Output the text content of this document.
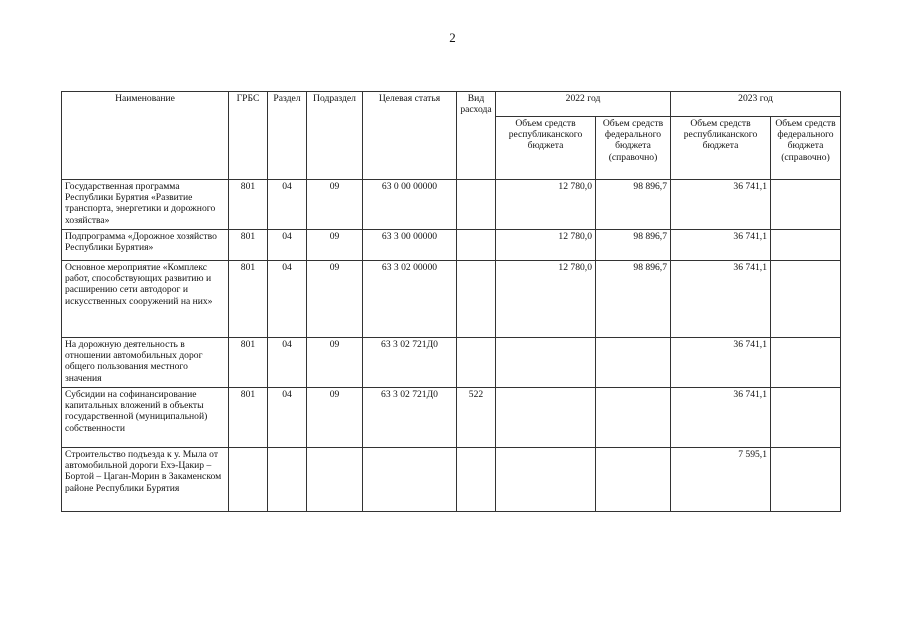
2
Наименование	ГРБС	Раздел	Подраздел	Целевая статья	Вид расхода	2022 год		2023 год	
						Объем средств республиканского бюджета	Объем средств федерального бюджета (справочно)	Объем средств республиканского бюджета	Объем средств федерального бюджета (справочно)
Государственная программа Республики Бурятия «Развитие транспорта, энергетики и дорожного хозяйства»	801	04	09	63 0 00 00000		12 780,0	98 896,7	36 741,1	
Подпрограмма «Дорожное хозяйство Республики Бурятия»	801	04	09	63 3 00 00000		12 780,0	98 896,7	36 741,1	
Основное мероприятие «Комплекс работ, способствующих развитию и расширению сети автодорог и искусственных сооружений на них»	801	04	09	63 3 02 00000		12 780,0	98 896,7	36 741,1	
На дорожную деятельность в отношении автомобильных дорог общего пользования местного значения	801	04	09	63 3 02 721Д0				36 741,1	
Субсидии на софинансирование капитальных вложений в объекты государственной (муниципальной) собственности	801	04	09	63 3 02 721Д0	522			36 741,1	
Строительство подъезда к у. Мыла от автомобильной дороги Ехэ-Цакир – Бортой – Цаган-Морин в Закаменском районе Республики Бурятия								7 595,1	
